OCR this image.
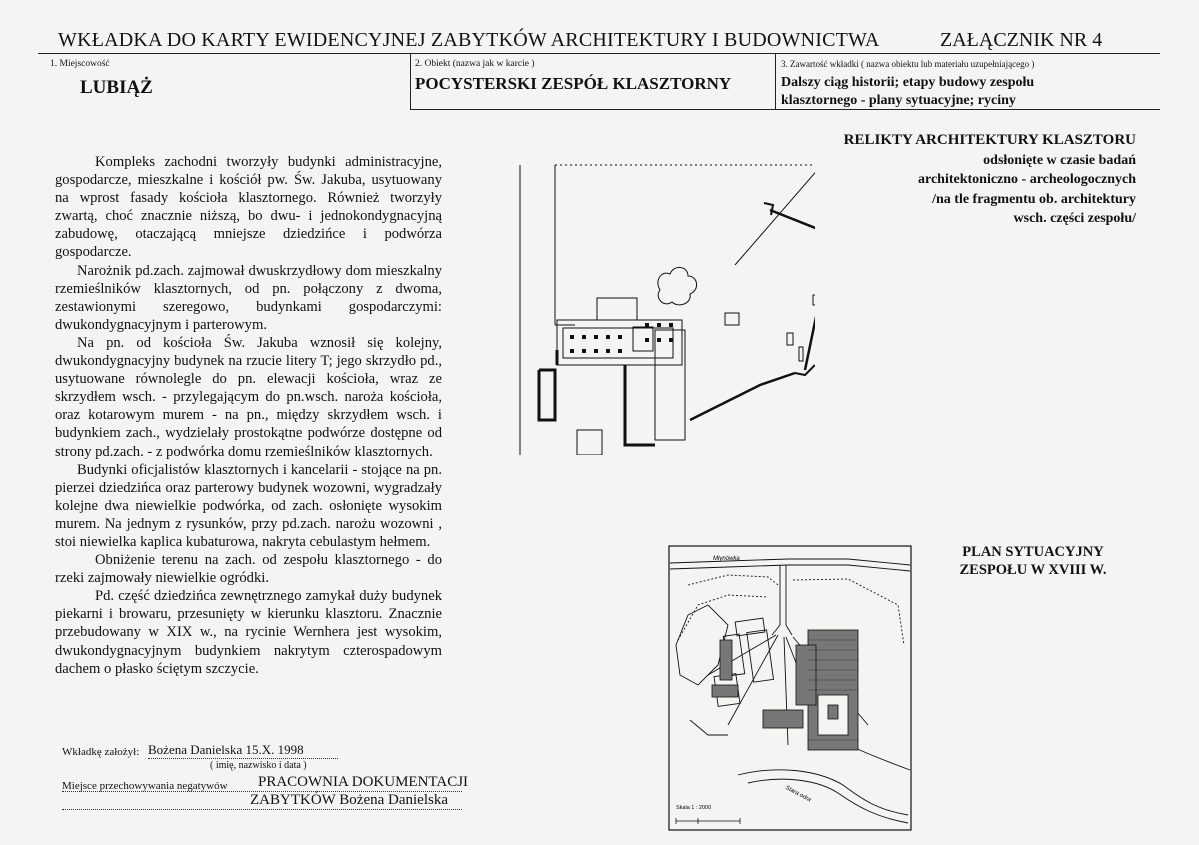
WKŁADKA DO KARTY EWIDENCYJNEJ ZABYTKÓW ARCHITEKTURY I BUDOWNICTWA	ZAŁĄCZNIK NR 4
1. Miejscowość
LUBIĄŻ
2. Obiekt (nazwa jak w karcie )
POCYSTERSKI ZESPÓŁ KLASZTORNY
3. Zawartość wkładki ( nazwa obiektu lub materiału uzupełniającego )
Dalszy ciąg historii; etapy budowy zespołu
klasztornego - plany sytuacyjne; ryciny

Kompleks zachodni tworzyły budynki administracyjne, gospodarcze, mieszkalne i kościół pw. Św. Jakuba, usytuowany na wprost fasady kościoła klasztornego. Również tworzyły zwartą, choć znacznie niższą, bo dwu- i jednokondygnacyjną zabudowę, otaczającą mniejsze dziedzińce i podwórza gospodarcze.

Narożnik pd.zach. zajmował dwuskrzydłowy dom mieszkalny rzemieślników klasztornych, od pn. połączony z dwoma, zestawionymi szeregowo, budynkami gospodarczymi: dwukondygnacyjnym i parterowym.

Na pn. od kościoła Św. Jakuba wznosił się kolejny, dwukondygnacyjny budynek na rzucie litery T; jego skrzydło pd., usytuowane równolegle do pn. elewacji kościoła, wraz ze skrzydłem wsch. - przylegającym do pn.wsch. naroża kościoła, oraz kotarowym murem - na pn., między skrzydłem wsch. i budynkiem zach., wydzielały prostokątne podwórze dostępne od strony pd.zach. - z podwórka domu rzemieślników klasztornych.

Budynki oficjalistów klasztornych i kancelarii - stojące na pn. pierzei dziedzińca oraz parterowy budynek wozowni, wygradzały kolejne dwa niewielkie podwórka, od zach. osłonięte wysokim murem. Na jednym z rysunków, przy pd.zach. narożu wozowni , stoi niewielka kaplica kubaturowa, nakryta cebulastym hełmem.

Obniżenie terenu na zach. od zespołu klasztornego - do rzeki zajmowały niewielkie ogródki.

Pd. część dziedzińca zewnętrznego zamykał duży budynek piekarni i browaru, przesunięty w kierunku klasztoru. Znacznie przebudowany w XIX w., na rycinie Wernhera jest wysokim, dwukondygnacyjnym budynkiem nakrytym czterospadowym dachem o płasko ściętym szczycie.

Wkładkę założył: Bożena Danielska 15.X. 1998
( imię, nazwisko i data )
Miejsce przechowywania negatywów PRACOWNIA DOKUMENTACJI
ZABYTKÓW Bożena Danielska
RELIKTY ARCHITEKTURY KLASZTORU
odsłonięte w czasie badań
architektoniczno - archeologocznych
/na tle fragmentu ob. architektury
wsch. części zespołu/
PLAN SYTUACYJNY
ZESPOŁU W XVIII W.
Młynówka
Stara odra
Skala 1 : 2000
